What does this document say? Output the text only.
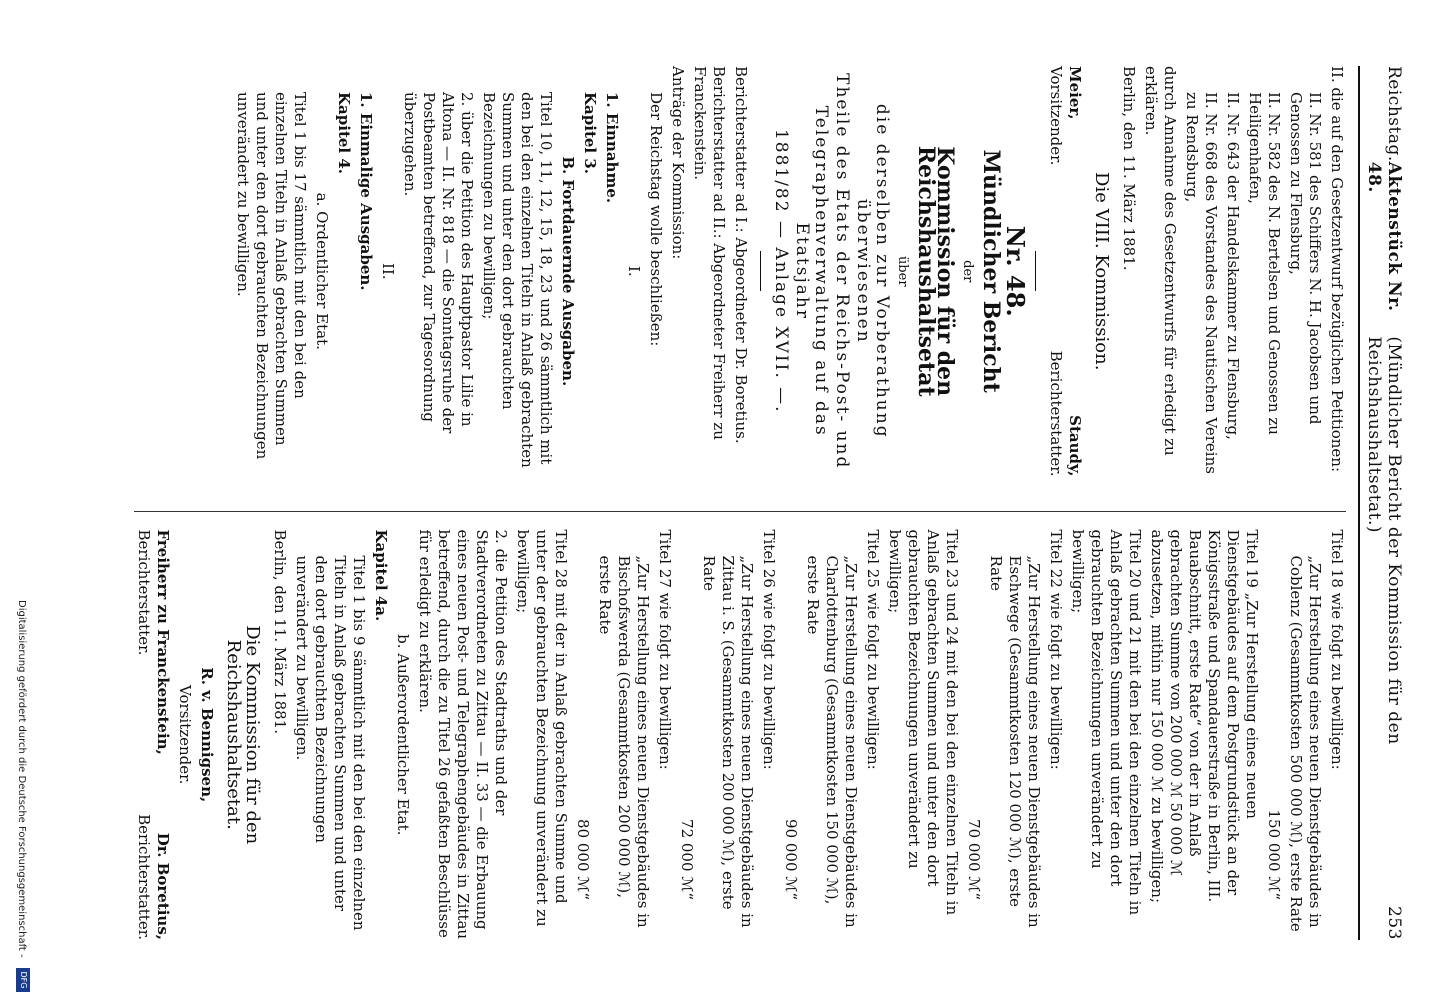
Reichstag.
Aktenstück Nr. 48.
(Mündlicher Bericht der Kommission für den Reichshaushaltsetat.)
253

II. die auf den Gesetzentwurf bezüglichen Petitionen:

II. Nr. 581 des Schiffers N. H. Jacobsen und Genossen zu Flensburg,

II. Nr. 582 des N. Bertelsen und Genossen zu Heiligenhafen,

II. Nr. 643 der Handelskammer zu Flensburg,

II. Nr. 668 des Vorstandes des Nautischen Vereins zu Rendsburg,

durch Annahme des Gesetzentwurfs für erledigt zu erklären.

Berlin, den 11. März 1881.

Die VIII. Kommission.

Meier,
Staudy,
Vorsitzender.
Berichterstatter.
Nr. 48.
Mündlicher Bericht
der
Kommission für den Reichshaushaltsetat
über
die derselben zur Vorberathung überwiesenen
Theile des Etats der Reichs-Post- und
Telegraphenverwaltung auf das Etatsjahr
1881/82 — Anlage XVII. —.

Berichterstatter ad I.: Abgeordneter Dr. Boretius.

Berichterstatter ad II.: Abgeordneter Freiherr zu Franckenstein.

Anträge der Kommission:

Der Reichstag wolle beschließen:

I.

1. Einnahme.

Kapitel 3.

B. Fortdauernde Ausgaben.

Titel 10, 11, 12, 15, 18, 23 und 26 sämmtlich mit den bei den einzelnen Titeln in Anlaß gebrachten Summen und unter den dort gebrauchten Bezeichnungen zu bewilligen;

2. über die Petition des Hauptpastor Lilie in Altona — II. Nr. 818 — die Sonntagsruhe der Postbeamten betreffend, zur Tagesordnung überzugehen.

II.

1. Einmalige Ausgaben.

Kapitel 4.

a. Ordentlicher Etat.

Titel 1 bis 17 sämmtlich mit den bei den einzelnen Titeln in Anlaß gebrachten Summen und unter den dort gebrauchten Bezeichnungen unverändert zu bewilligen.

Titel 18 wie folgt zu bewilligen:

„Zur Herstellung eines neuen Dienstgebäudes in Coblenz (Gesammtkosten 500 000 ℳ), erste Rate

150 000 ℳ“

Titel 19 „Zur Herstellung eines neuen Dienstgebäudes auf dem Postgrundstück an der Königsstraße und Spandauerstraße in Berlin, III. Bauabschnitt, erste Rate“ von der in Anlaß gebrachten Summe von 200 000 ℳ 50 000 ℳ abzusetzen, mithin nur 150 000 ℳ zu bewilligen;

Titel 20 und 21 mit den bei den einzelnen Titeln in Anlaß gebrachten Summen und unter den dort gebrauchten Bezeichnungen unverändert zu bewilligen;

Titel 22 wie folgt zu bewilligen:

„Zur Herstellung eines neuen Dienstgebäudes in Eschwege (Gesammtkosten 120 000 ℳ), erste Rate

70 000 ℳ“

Titel 23 und 24 mit den bei den einzelnen Titeln in Anlaß gebrachten Summen und unter den dort gebrauchten Bezeichnungen unverändert zu bewilligen;

Titel 25 wie folgt zu bewilligen:

„Zur Herstellung eines neuen Dienstgebäudes in Charlottenburg (Gesammtkosten 150 000 ℳ), erste Rate

90 000 ℳ“

Titel 26 wie folgt zu bewilligen:

„Zur Herstellung eines neuen Dienstgebäudes in Zittau i. S. (Gesammtkosten 200 000 ℳ), erste Rate

72 000 ℳ“

Titel 27 wie folgt zu bewilligen:

„Zur Herstellung eines neuen Dienstgebäudes in Bischofswerda (Gesammtkosten 200 000 ℳ), erste Rate

80 000 ℳ“

Titel 28 mit der in Anlaß gebrachten Summe und unter der gebrauchten Bezeichnung unverändert zu bewilligen;

2. die Petition des Stadtraths und der Stadtverordneten zu Zittau — II. 33 — die Erbauung eines neuen Post- und Telegraphengebäudes in Zittau betreffend, durch die zu Titel 26 gefaßten Beschlüsse für erledigt zu erklären.

b. Außerordentlicher Etat.

Kapitel 4a.

Titel 1 bis 9 sämmtlich mit den bei den einzelnen Titeln in Anlaß gebrachten Summen und unter den dort gebrauchten Bezeichnungen unverändert zu bewilligen.

Berlin, den 11. März 1881.

Die Kommission für den Reichshaushaltsetat.

R. v. Bennigsen,

Vorsitzender.

Freiherr zu Franckenstein,
Dr. Boretius,
Berichterstatter.
Berichterstatter.
Digitalisierung gefördert durch die Deutsche Forschungsgemeinschaft -
DFG
